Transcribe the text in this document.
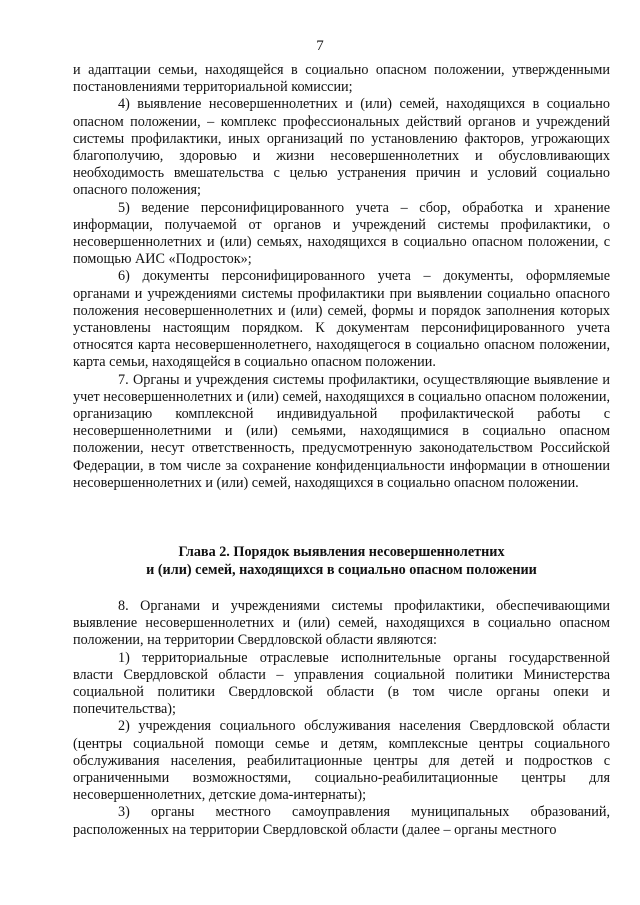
7

и адаптации семьи, находящейся в социально опасном положении, утвержденными постановлениями территориальной комиссии;

4) выявление несовершеннолетних и (или) семей, находящихся в социально опасном положении, – комплекс профессиональных действий органов и учреждений системы профилактики, иных организаций по установлению факторов, угрожающих благополучию, здоровью и жизни несовершеннолетних и обусловливающих необходимость вмешательства с целью устранения причин и условий социально опасного положения;

5) ведение персонифицированного учета – сбор, обработка и хранение информации, получаемой от органов и учреждений системы профилактики, о несовершеннолетних и (или) семьях, находящихся в социально опасном положении, с помощью АИС «Подросток»;

6) документы персонифицированного учета – документы, оформляемые органами и учреждениями системы профилактики при выявлении социально опасного положения несовершеннолетних и (или) семей, формы и порядок заполнения которых установлены настоящим порядком. К документам персонифицированного учета относятся карта несовершеннолетнего, находящегося в социально опасном положении, карта семьи, находящейся в социально опасном положении.

7. Органы и учреждения системы профилактики, осуществляющие выявление и учет несовершеннолетних и (или) семей, находящихся в социально опасном положении, организацию комплексной индивидуальной профилактической работы с несовершеннолетними и (или) семьями, находящимися в социально опасном положении, несут ответственность, предусмотренную законодательством Российской Федерации, в том числе за сохранение конфиденциальности информации в отношении несовершеннолетних и (или) семей, находящихся в социально опасном положении.

Глава 2. Порядок выявления несовершеннолетних
и (или) семей, находящихся в социально опасном положении

8. Органами и учреждениями системы профилактики, обеспечивающими выявление несовершеннолетних и (или) семей, находящихся в социально опасном положении, на территории Свердловской области являются:

1) территориальные отраслевые исполнительные органы государственной власти Свердловской области – управления социальной политики Министерства социальной политики Свердловской области (в том числе органы опеки и попечительства);

2) учреждения социального обслуживания населения Свердловской области (центры социальной помощи семье и детям, комплексные центры социального обслуживания населения, реабилитационные центры для детей и подростков с ограниченными возможностями, социально-реабилитационные центры для несовершеннолетних, детские дома-интернаты);

3) органы местного самоуправления муниципальных образований, расположенных на территории Свердловской области (далее – органы местного
